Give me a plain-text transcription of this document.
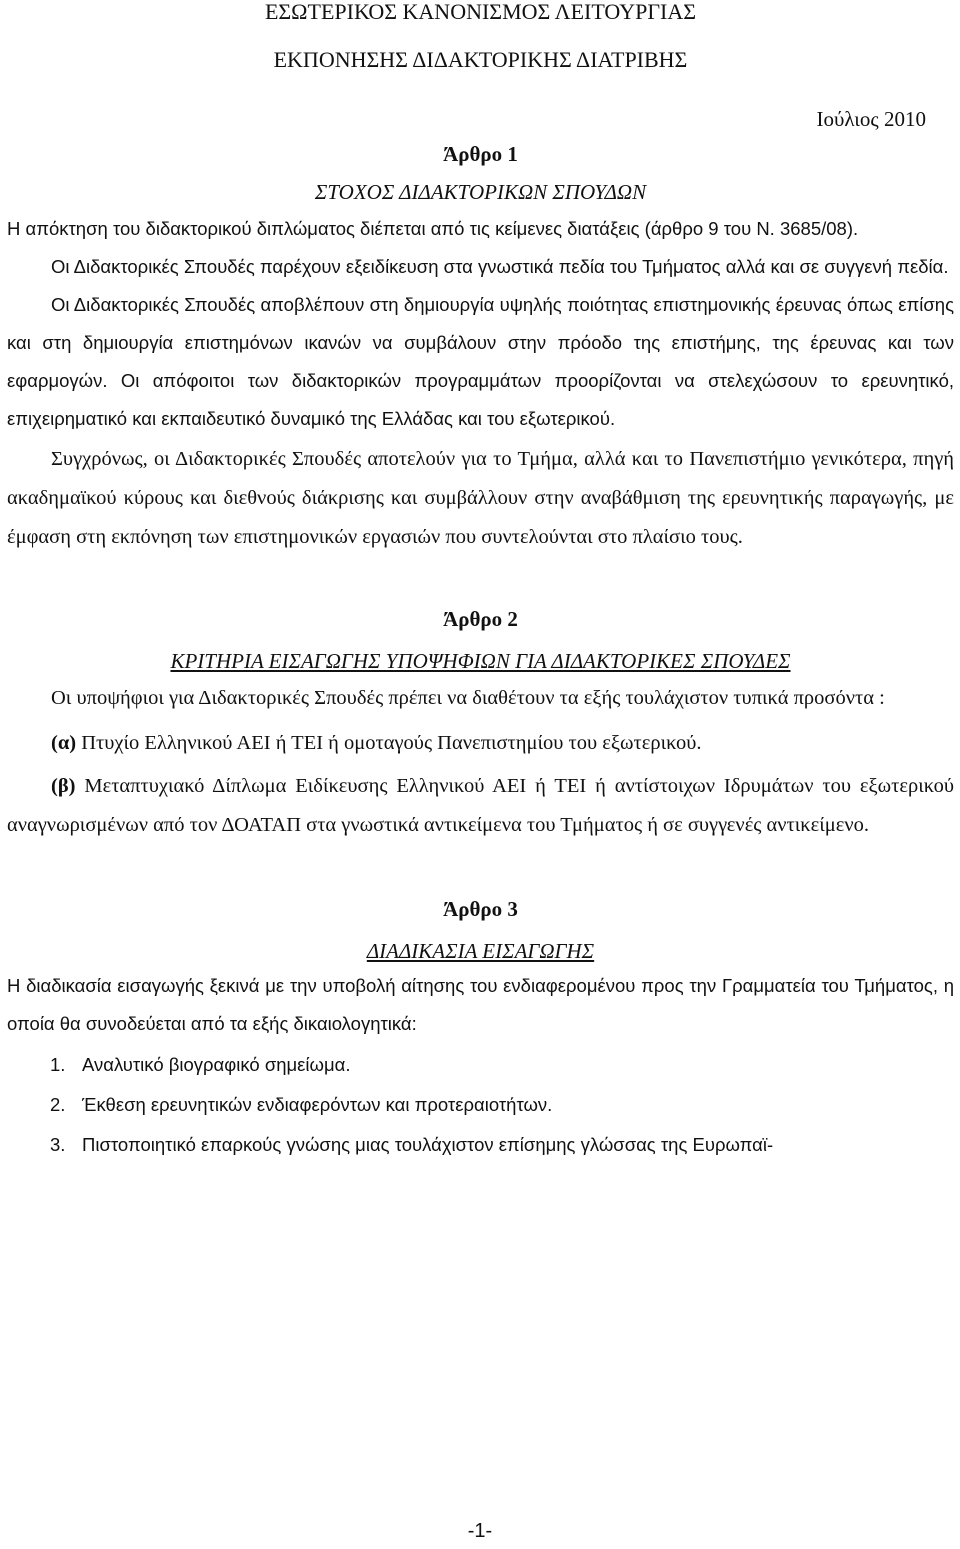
ΕΣΩΤΕΡΙΚΟΣ ΚΑΝΟΝΙΣΜΟΣ ΛΕΙΤΟΥΡΓΙΑΣ

ΕΚΠΟΝΗΣΗΣ ΔΙΔΑΚΤΟΡΙΚΗΣ ΔΙΑΤΡΙΒΗΣ

Ιούλιος 2010

Άρθρο 1

ΣΤΟΧΟΣ ΔΙΔΑΚΤΟΡΙΚΩΝ ΣΠΟΥΔΩΝ

Η απόκτηση του διδακτορικού διπλώματος διέπεται από τις κείμενες διατάξεις (άρθρο 9 του Ν. 3685/08).

Οι Διδακτορικές Σπουδές παρέχουν εξειδίκευση στα γνωστικά πεδία του Τμήματος αλλά και σε συγγενή πεδία.

Οι Διδακτορικές Σπουδές αποβλέπουν στη δημιουργία υψηλής ποιότητας επιστημονικής έρευνας όπως επίσης και στη δημιουργία επιστημόνων ικανών να συμβάλουν στην πρόοδο της επιστήμης, της έρευνας και των εφαρμογών. Οι απόφοιτοι των διδακτορικών προγραμμάτων προορίζονται να στελεχώσουν το ερευνητικό, επιχειρηματικό και εκπαιδευτικό δυναμικό της Ελλάδας και του εξωτερικού.

Συγχρόνως, οι Διδακτορικές Σπουδές αποτελούν για το Τμήμα, αλλά και το Πανεπιστήμιο γενικότερα, πηγή ακαδημαϊκού κύρους και διεθνούς διάκρισης και συμβάλλουν στην αναβάθμιση της ερευνητικής παραγωγής, με έμφαση στη εκπόνηση των επιστημονικών εργασιών που συντελούνται στο πλαίσιο τους.

Άρθρο 2

ΚΡΙΤΗΡΙΑ ΕΙΣΑΓΩΓΗΣ ΥΠΟΨΗΦΙΩΝ ΓΙΑ ΔΙΔΑΚΤΟΡΙΚΕΣ ΣΠΟΥΔΕΣ

Οι υποψήφιοι για Διδακτορικές Σπουδές πρέπει να διαθέτουν τα εξής τουλάχιστον τυπικά προσόντα :

(α) Πτυχίο Ελληνικού ΑΕΙ ή ΤΕΙ ή ομοταγούς Πανεπιστημίου του εξωτερικού.

(β) Μεταπτυχιακό Δίπλωμα Ειδίκευσης Ελληνικού ΑΕΙ ή ΤΕΙ ή αντίστοιχων Ιδρυμάτων του εξωτερικού αναγνωρισμένων από τον ΔΟΑΤΑΠ στα γνωστικά αντικείμενα του Τμήματος ή σε συγγενές αντικείμενο.

Άρθρο 3

ΔΙΑΔΙΚΑΣΙΑ ΕΙΣΑΓΩΓΗΣ

Η διαδικασία εισαγωγής ξεκινά με την υποβολή αίτησης του ενδιαφερομένου προς την Γραμματεία του Τμήματος, η οποία θα συνοδεύεται από τα εξής δικαιολογητικά:

1. Αναλυτικό βιογραφικό σημείωμα.

2. Έκθεση ερευνητικών ενδιαφερόντων και προτεραιοτήτων.

3. Πιστοποιητικό επαρκούς γνώσης μιας τουλάχιστον επίσημης γλώσσας της Ευρωπαϊ-

-1-
